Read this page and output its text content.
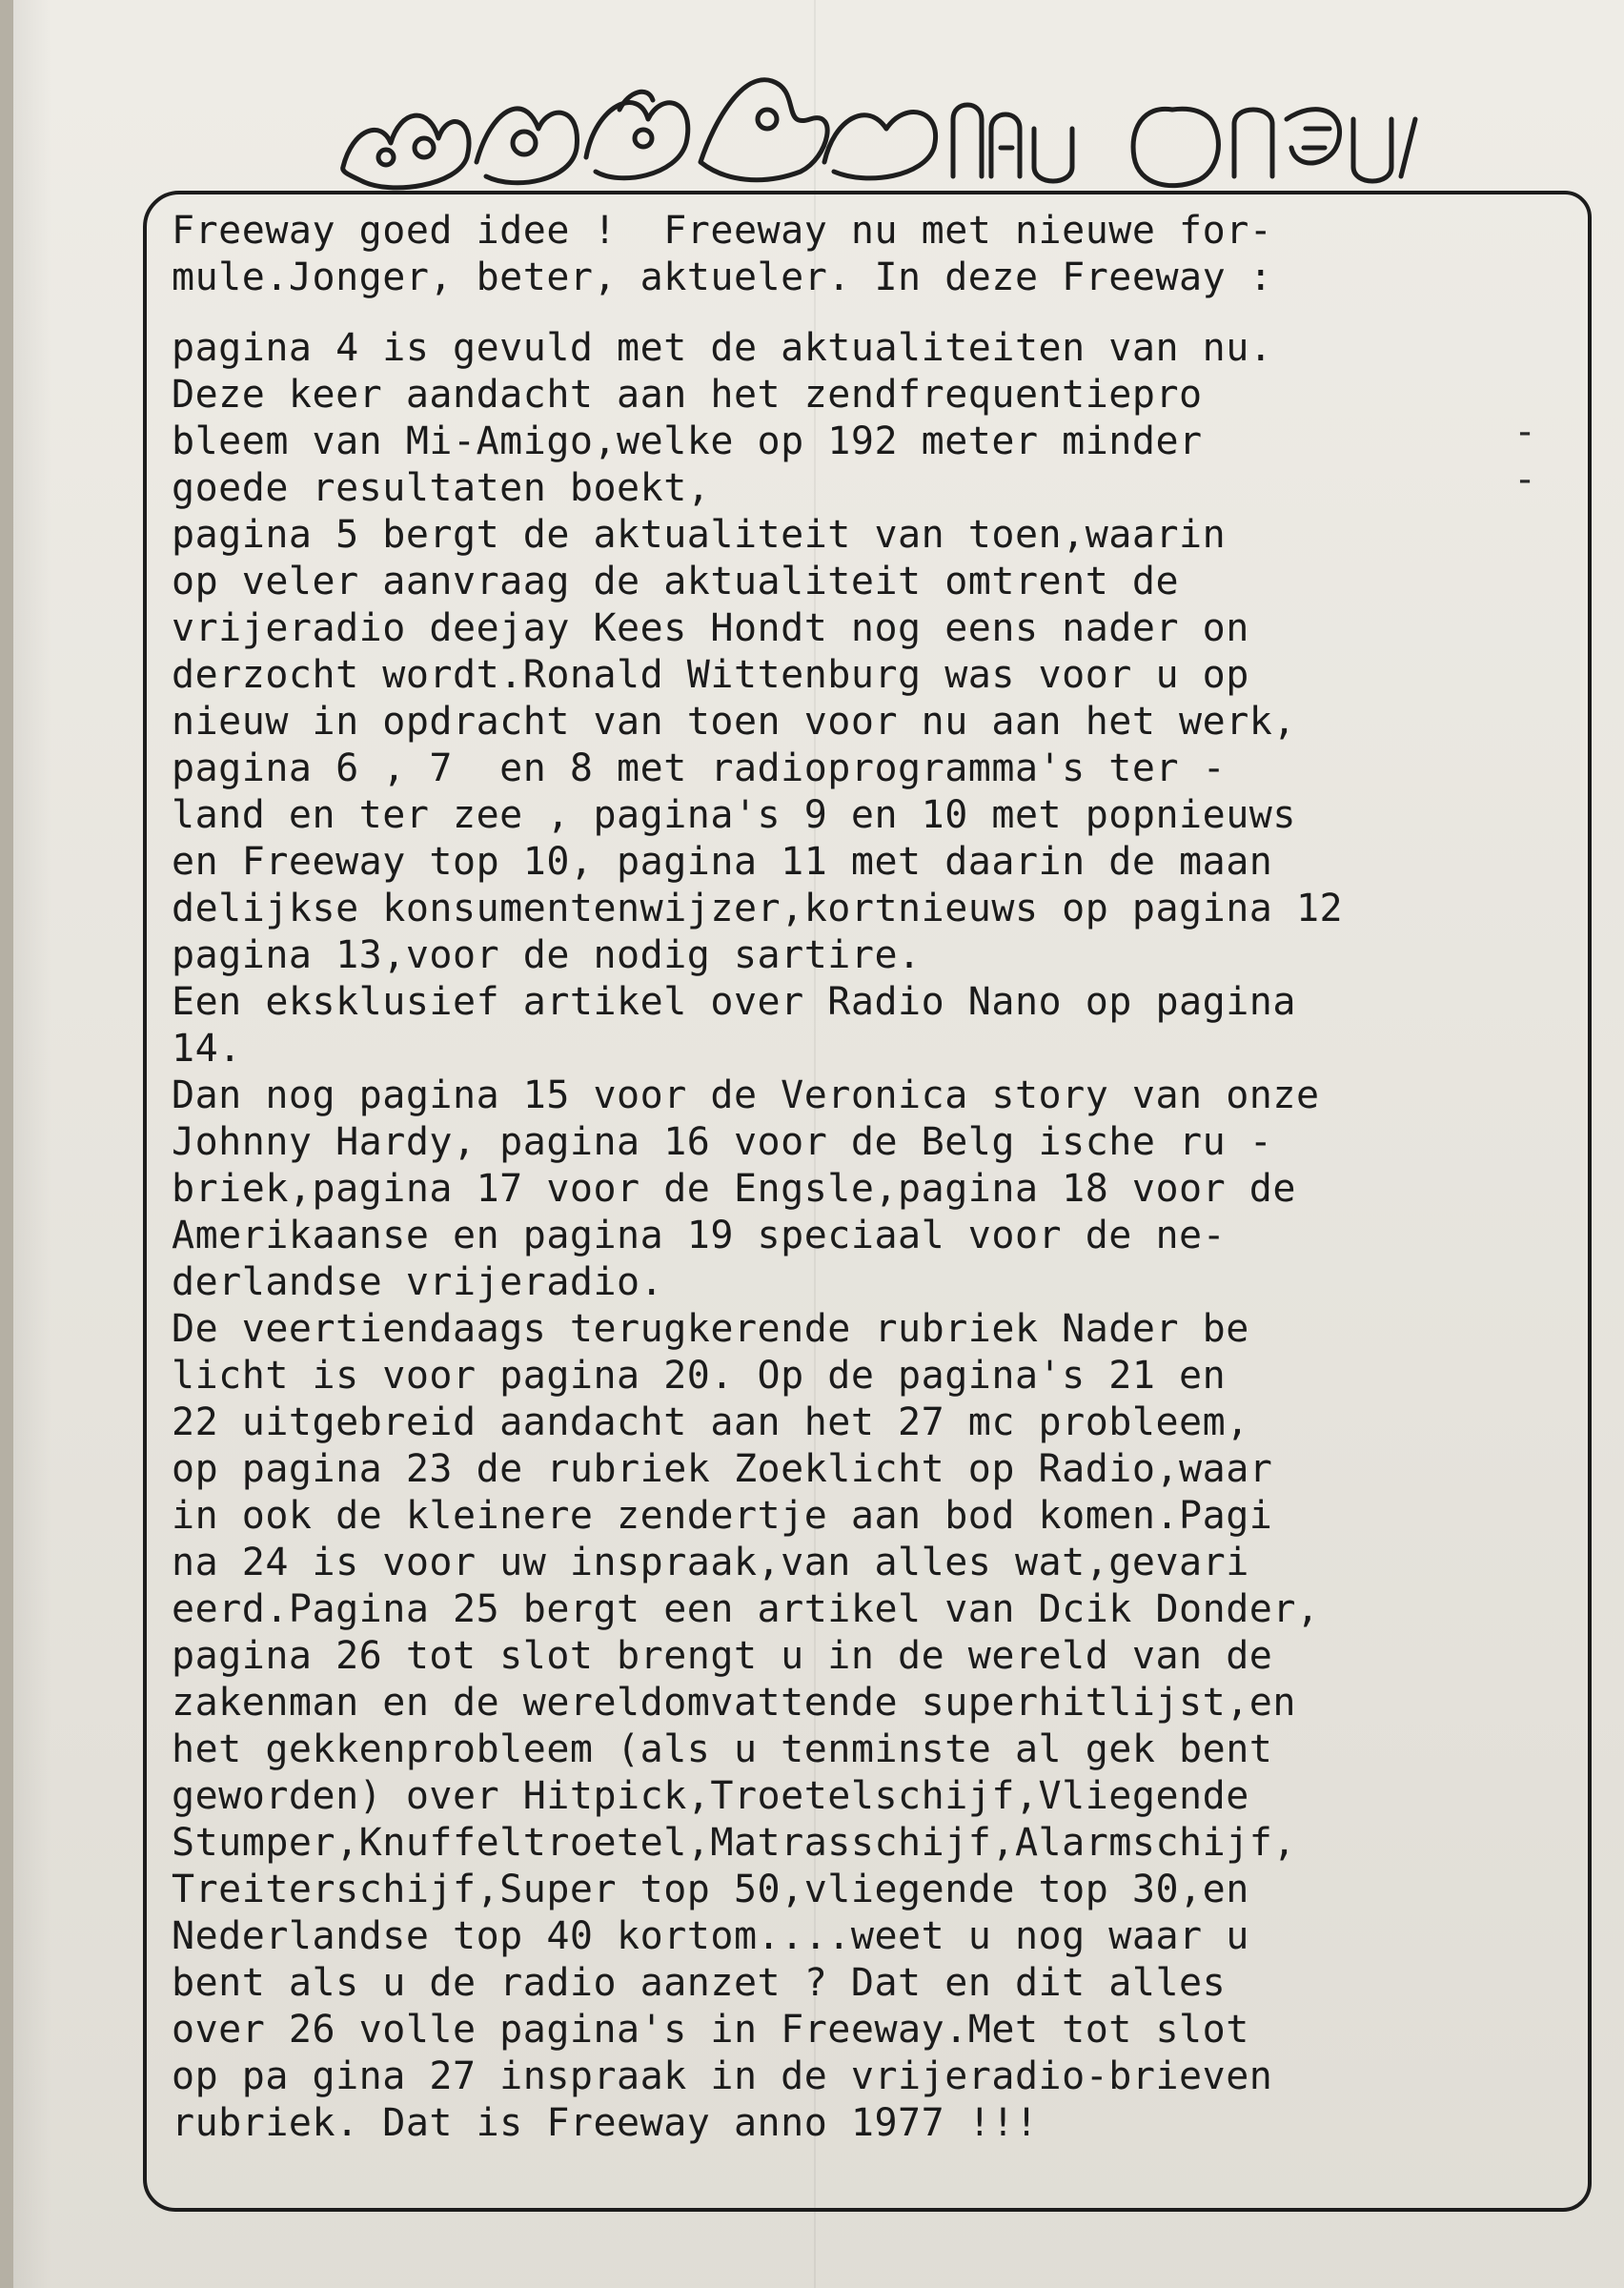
Freeway goed idee !  Freeway nu met nieuwe for-
mule.Jonger, beter, aktueler. In deze Freeway :
pagina 4 is gevuld met de aktualiteiten van nu.
Deze keer aandacht aan het zendfrequentiepro
bleem van Mi-Amigo,welke op 192 meter minder
goede resultaten boekt,
pagina 5 bergt de aktualiteit van toen,waarin
op veler aanvraag de aktualiteit omtrent de
vrijeradio deejay Kees Hondt nog eens nader on
derzocht wordt.Ronald Wittenburg was voor u op
nieuw in opdracht van toen voor nu aan het werk,
pagina 6 , 7  en 8 met radioprogramma's ter -
land en ter zee , pagina's 9 en 10 met popnieuws
en Freeway top 10, pagina 11 met daarin de maan
delijkse konsumentenwijzer,kortnieuws op pagina 12
pagina 13,voor de nodig sartire.
Een eksklusief artikel over Radio Nano op pagina
14.
Dan nog pagina 15 voor de Veronica story van onze
Johnny Hardy, pagina 16 voor de Belg ische ru -
briek,pagina 17 voor de Engsle,pagina 18 voor de
Amerikaanse en pagina 19 speciaal voor de ne-
derlandse vrijeradio.
De veertiendaags terugkerende rubriek Nader be
licht is voor pagina 20. Op de pagina's 21 en
22 uitgebreid aandacht aan het 27 mc probleem,
op pagina 23 de rubriek Zoeklicht op Radio,waar
in ook de kleinere zendertje aan bod komen.Pagi
na 24 is voor uw inspraak,van alles wat,gevari
eerd.Pagina 25 bergt een artikel van Dcik Donder,
pagina 26 tot slot brengt u in de wereld van de
zakenman en de wereldomvattende superhitlijst,en
het gekkenprobleem (als u tenminste al gek bent
geworden) over Hitpick,Troetelschijf,Vliegende
Stumper,Knuffeltroetel,Matrasschijf,Alarmschijf,
Treiterschijf,Super top 50,vliegende top 30,en
Nederlandse top 40 kortom....weet u nog waar u
bent als u de radio aanzet ? Dat en dit alles
over 26 volle pagina's in Freeway.Met tot slot
op pa gina 27 inspraak in de vrijeradio-brieven
rubriek. Dat is Freeway anno 1977 !!!
-
-
